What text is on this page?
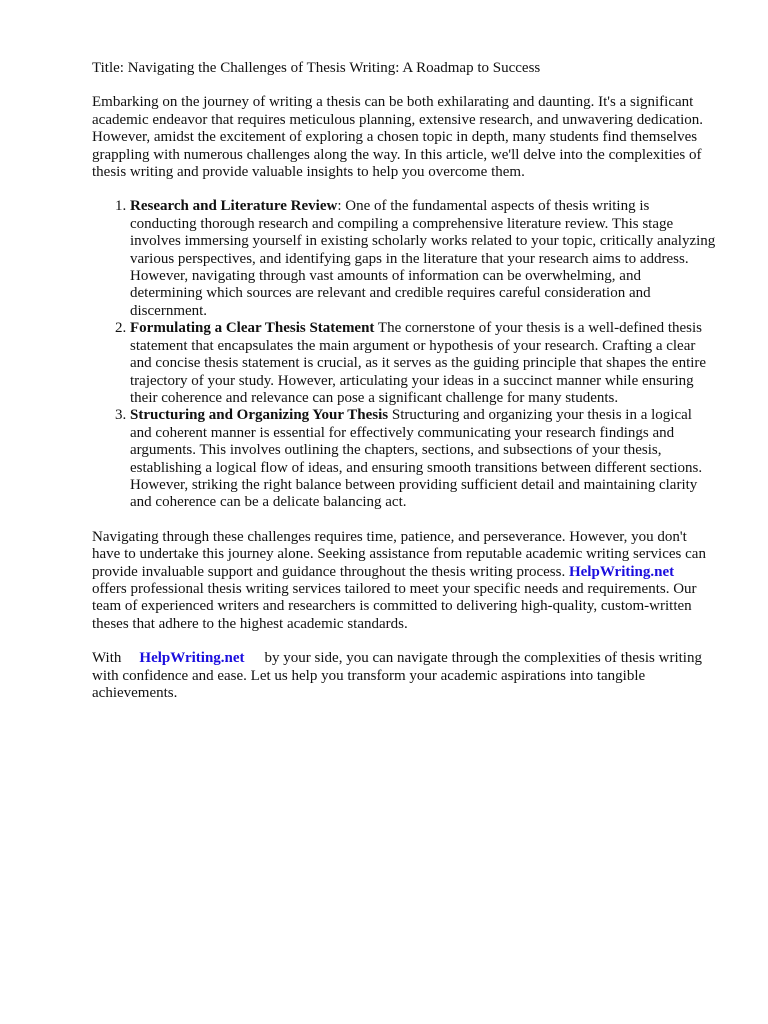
Title: Navigating the Challenges of Thesis Writing: A Roadmap to Success

Embarking on the journey of writing a thesis can be both exhilarating and daunting. It's a significant academic endeavor that requires meticulous planning, extensive research, and unwavering dedication. However, amidst the excitement of exploring a chosen topic in depth, many students find themselves grappling with numerous challenges along the way. In this article, we'll delve into the complexities of thesis writing and provide valuable insights to help you overcome them.

1. Research and Literature Review: One of the fundamental aspects of thesis writing is conducting thorough research and compiling a comprehensive literature review. This stage involves immersing yourself in existing scholarly works related to your topic, critically analyzing various perspectives, and identifying gaps in the literature that your research aims to address. However, navigating through vast amounts of information can be overwhelming, and determining which sources are relevant and credible requires careful consideration and discernment.
2. Formulating a Clear Thesis Statement The cornerstone of your thesis is a well-defined thesis statement that encapsulates the main argument or hypothesis of your research. Crafting a clear and concise thesis statement is crucial, as it serves as the guiding principle that shapes the entire trajectory of your study. However, articulating your ideas in a succinct manner while ensuring their coherence and relevance can pose a significant challenge for many students.
3. Structuring and Organizing Your Thesis Structuring and organizing your thesis in a logical and coherent manner is essential for effectively communicating your research findings and arguments. This involves outlining the chapters, sections, and subsections of your thesis, establishing a logical flow of ideas, and ensuring smooth transitions between different sections. However, striking the right balance between providing sufficient detail and maintaining clarity and coherence can be a delicate balancing act.

Navigating through these challenges requires time, patience, and perseverance. However, you don't have to undertake this journey alone. Seeking assistance from reputable academic writing services can provide invaluable support and guidance throughout the thesis writing process. HelpWriting.netoffers professional thesis writing services tailored to meet your specific needs and requirements. Our team of experienced writers and researchers is committed to delivering high-quality, custom-written theses that adhere to the highest academic standards.

With HelpWriting.net by your side, you can navigate through the complexities of thesis writing with confidence and ease. Let us help you transform your academic aspirations into tangible achievements.
